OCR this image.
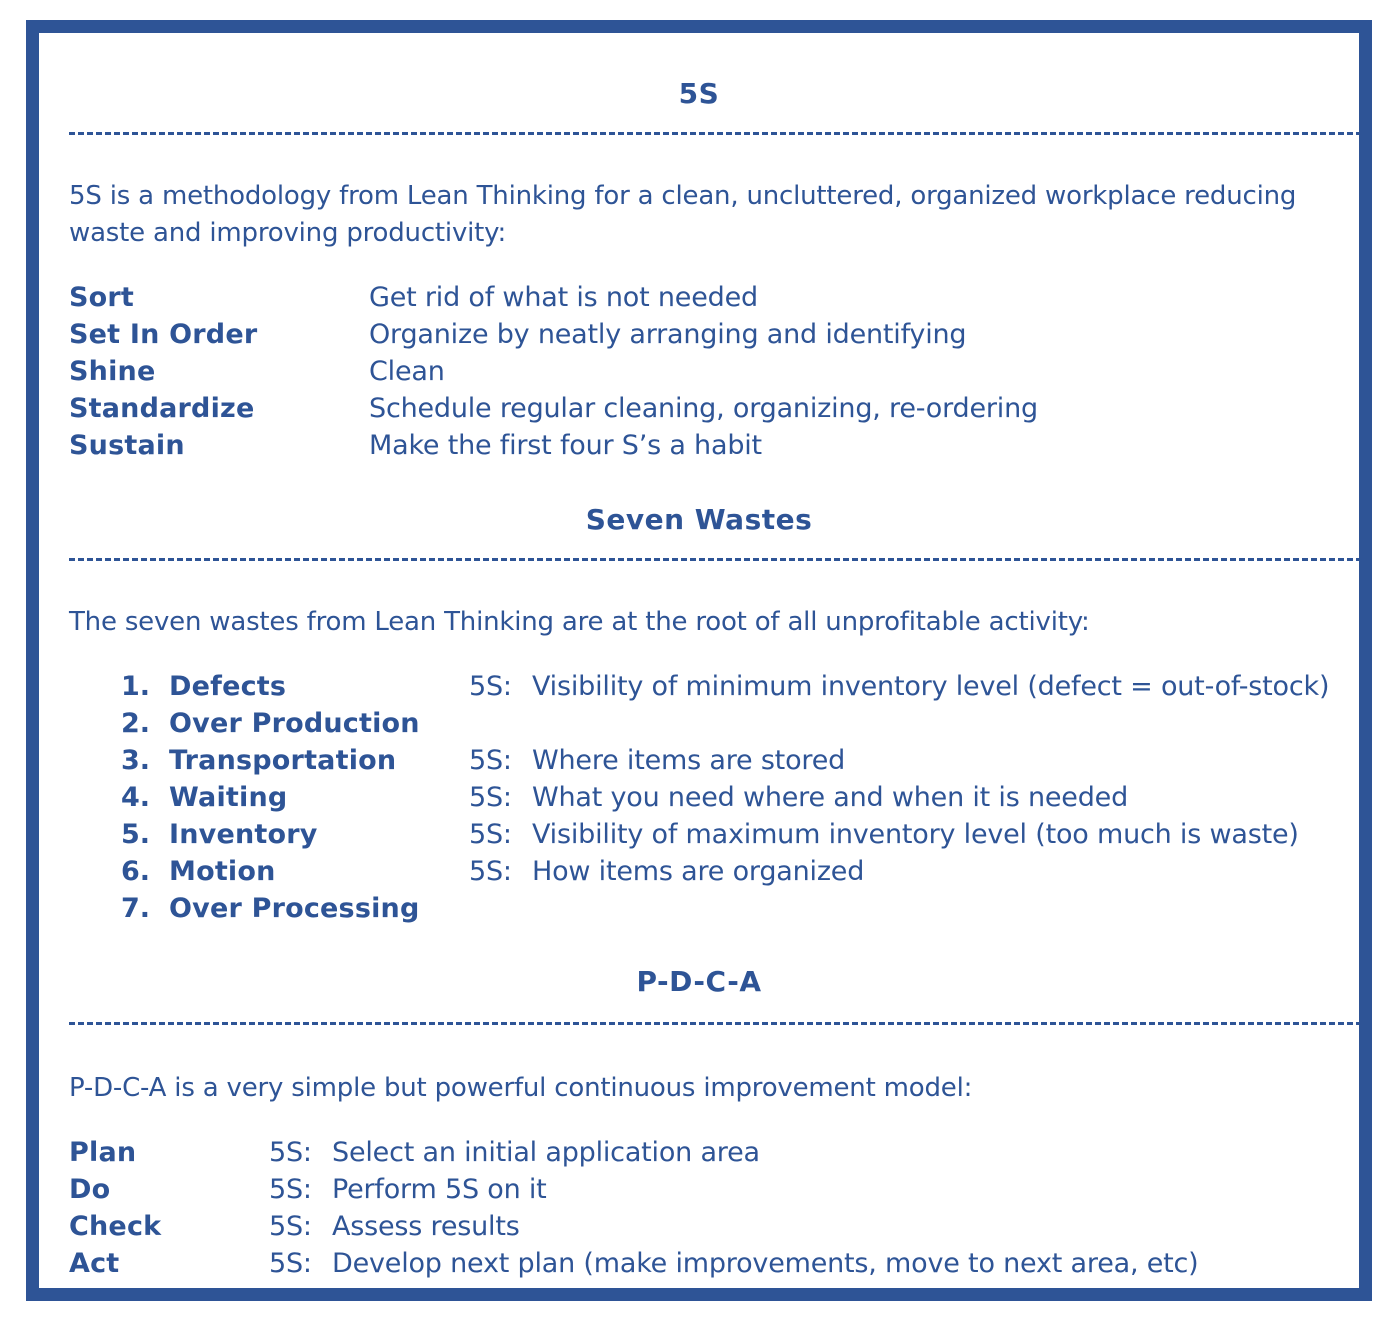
5S
5S is a methodology from Lean Thinking for a clean, uncluttered, organized workplace reducing waste and improving productivity:
Sort	Get rid of what is not needed
Set In Order	Organize by neatly arranging and identifying
Shine	Clean
Standardize	Schedule regular cleaning, organizing, re-ordering
Sustain	Make the first four S’s a habit
Seven Wastes
The seven wastes from Lean Thinking are at the root of all unprofitable activity:
1. Defects	5S: Visibility of minimum inventory level (defect = out-of-stock)
2. Over Production
3. Transportation	5S: Where items are stored
4. Waiting	5S: What you need where and when it is needed
5. Inventory	5S: Visibility of maximum inventory level (too much is waste)
6. Motion	5S: How items are organized
7. Over Processing
P-D-C-A
P-D-C-A is a very simple but powerful continuous improvement model:
Plan	5S: Select an initial application area
Do	5S: Perform 5S on it
Check	5S: Assess results
Act	5S: Develop next plan (make improvements, move to next area, etc)
